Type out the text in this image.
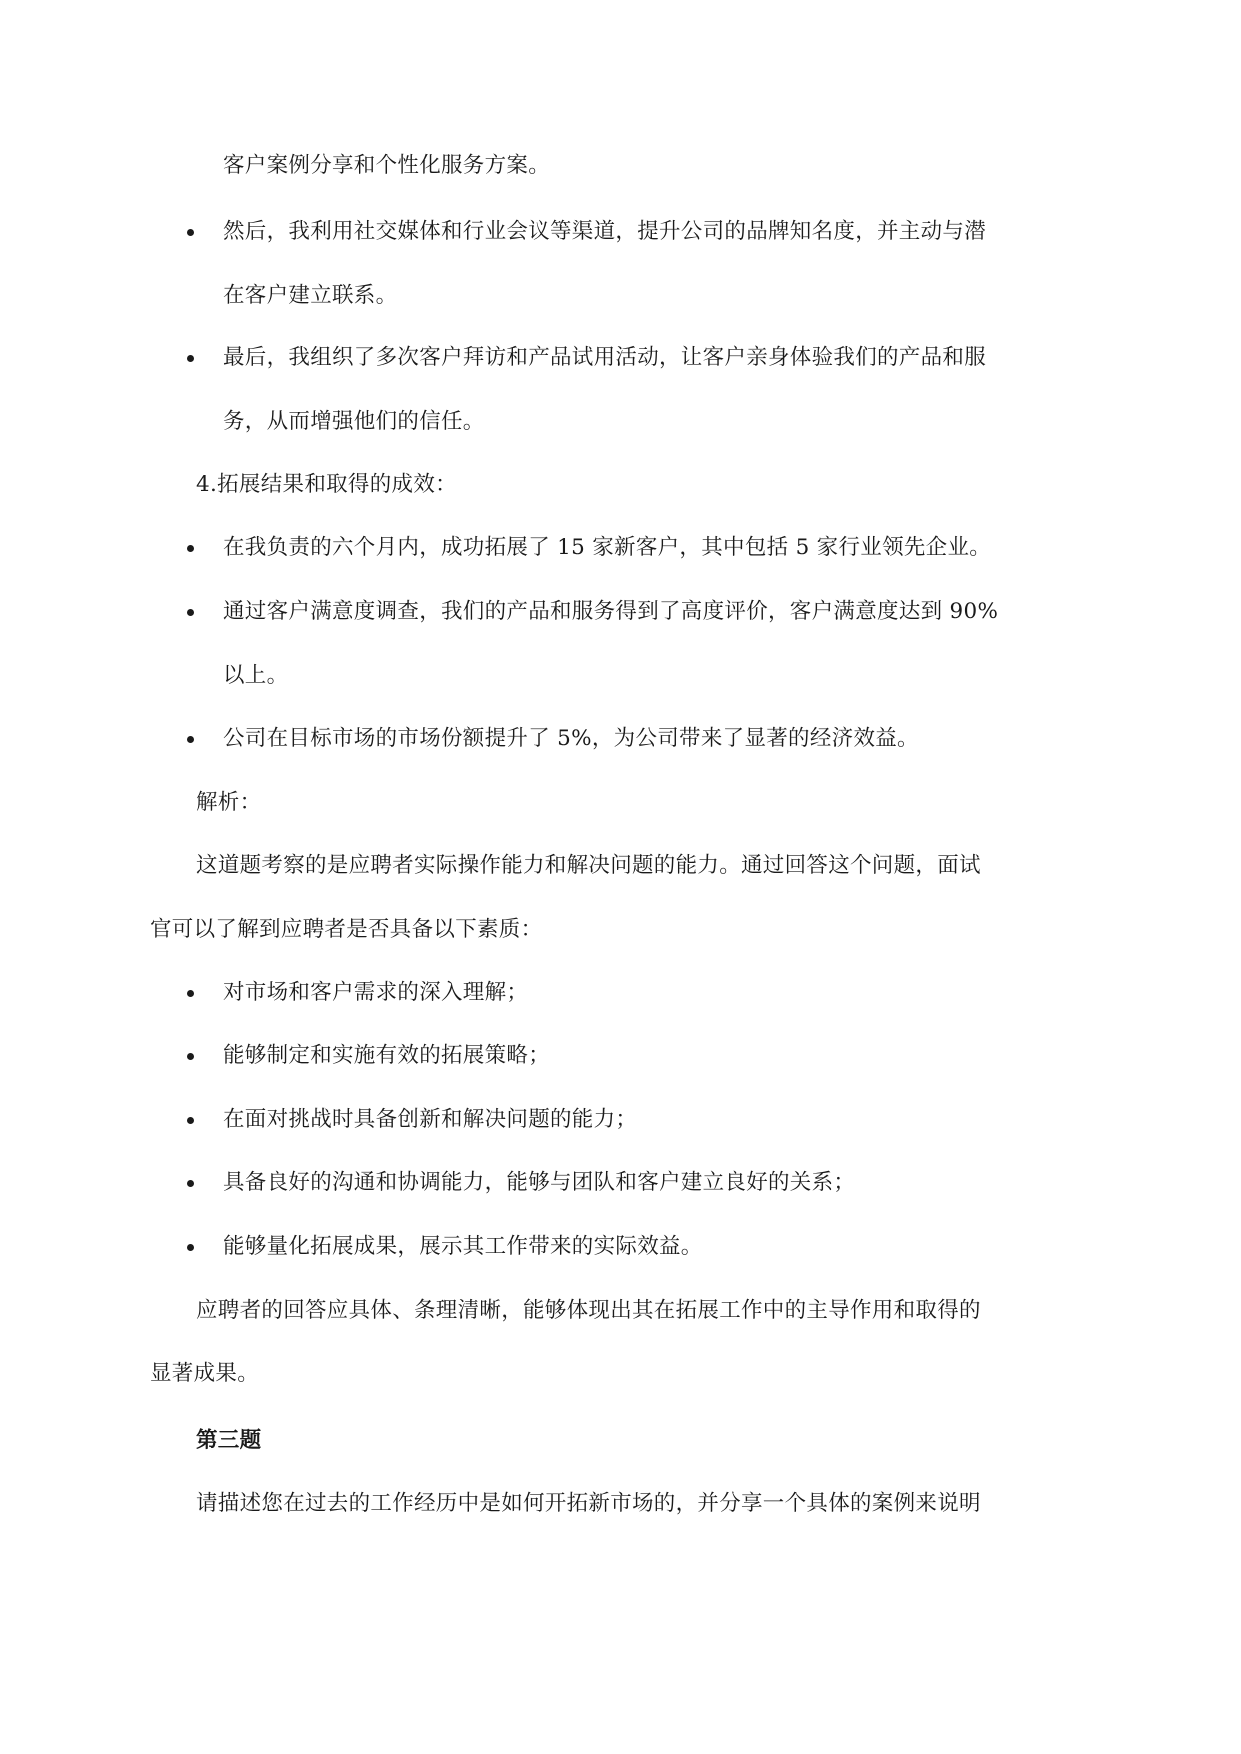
客户案例分享和个性化服务方案。
然后，我利用社交媒体和行业会议等渠道，提升公司的品牌知名度，并主动与潜
在客户建立联系。
最后，我组织了多次客户拜访和产品试用活动，让客户亲身体验我们的产品和服
务，从而增强他们的信任。
4.拓展结果和取得的成效：
在我负责的六个月内，成功拓展了 15 家新客户，其中包括 5 家行业领先企业。
通过客户满意度调查，我们的产品和服务得到了高度评价，客户满意度达到 90%
以上。
公司在目标市场的市场份额提升了 5%，为公司带来了显著的经济效益。
解析：
这道题考察的是应聘者实际操作能力和解决问题的能力。通过回答这个问题，面试
官可以了解到应聘者是否具备以下素质：
对市场和客户需求的深入理解；
能够制定和实施有效的拓展策略；
在面对挑战时具备创新和解决问题的能力；
具备良好的沟通和协调能力，能够与团队和客户建立良好的关系；
能够量化拓展成果，展示其工作带来的实际效益。
应聘者的回答应具体、条理清晰，能够体现出其在拓展工作中的主导作用和取得的
显著成果。
第三题
请描述您在过去的工作经历中是如何开拓新市场的，并分享一个具体的案例来说明
